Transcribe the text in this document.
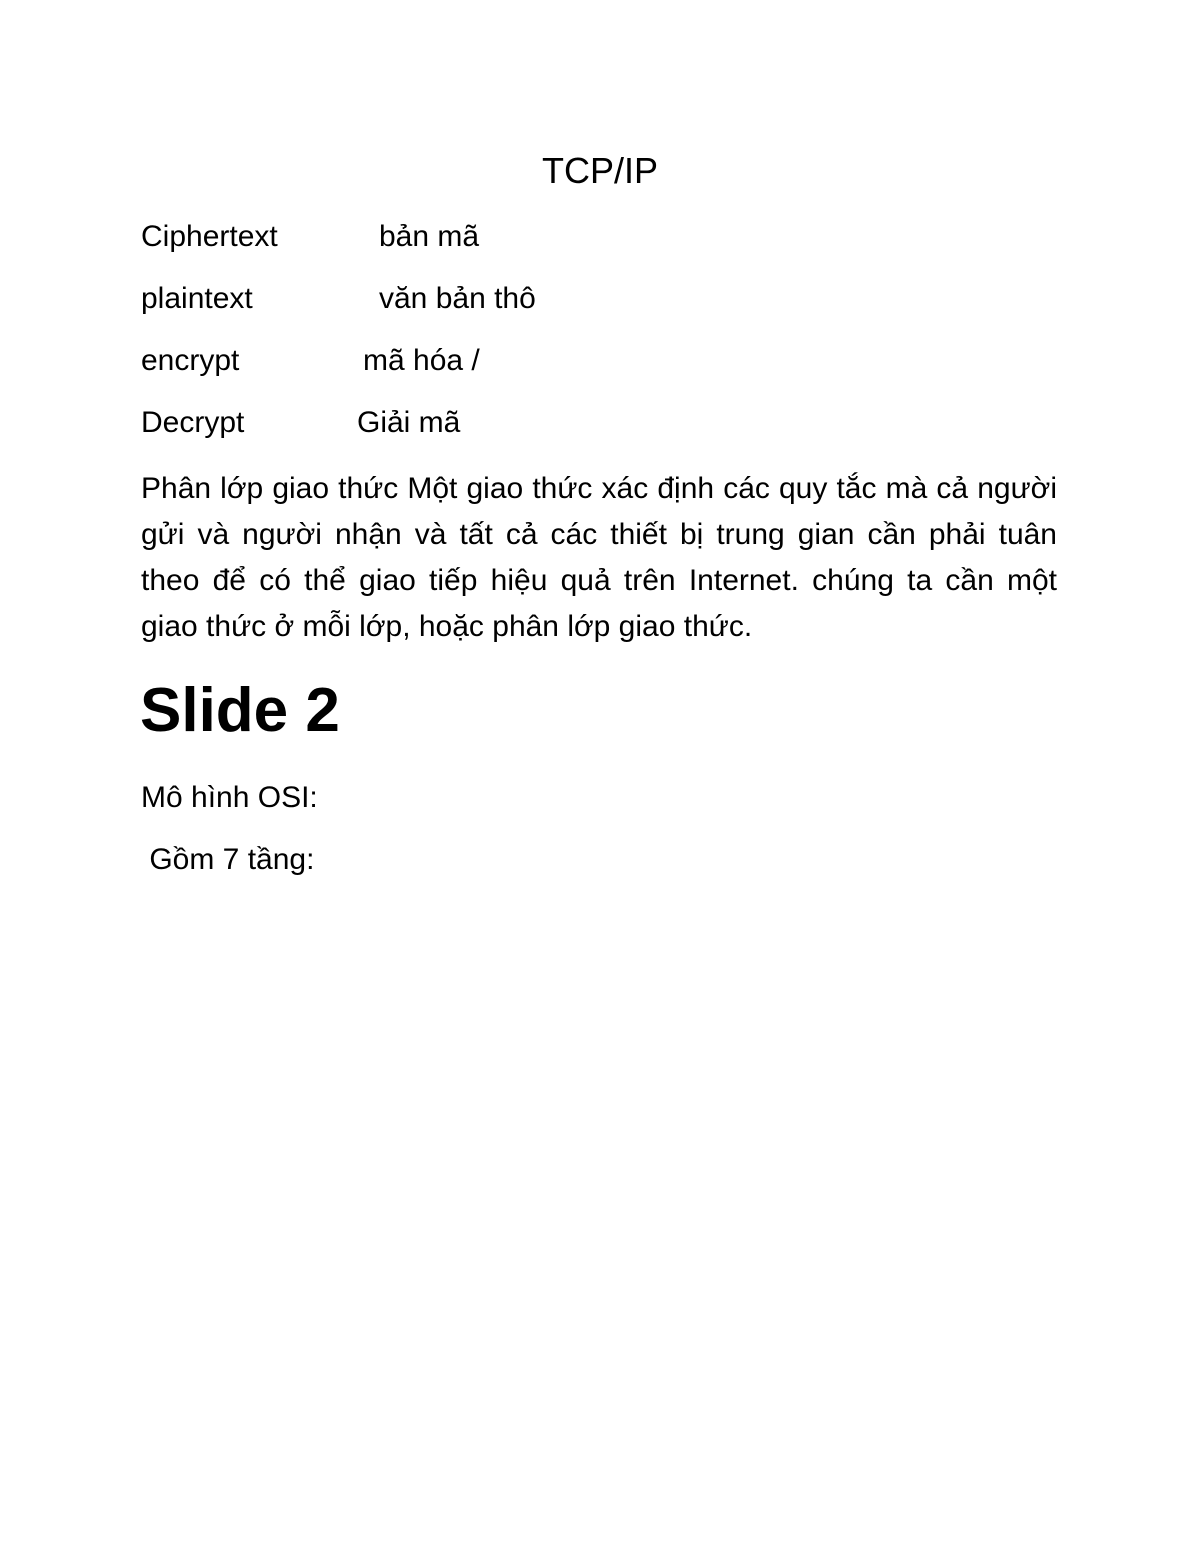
TCP/IP
Ciphertext	bản mã
plaintext	văn bản thô
encrypt	mã hóa /
Decrypt	Giải mã

Phân lớp giao thức Một giao thức xác định các quy tắc mà cả người gửi và người nhận và tất cả các thiết bị trung gian cần phải tuân theo để có thể giao tiếp hiệu quả trên Internet. chúng ta cần một giao thức ở mỗi lớp, hoặc phân lớp giao thức.

Slide 2
Mô hình OSI:
Gồm 7 tầng:
